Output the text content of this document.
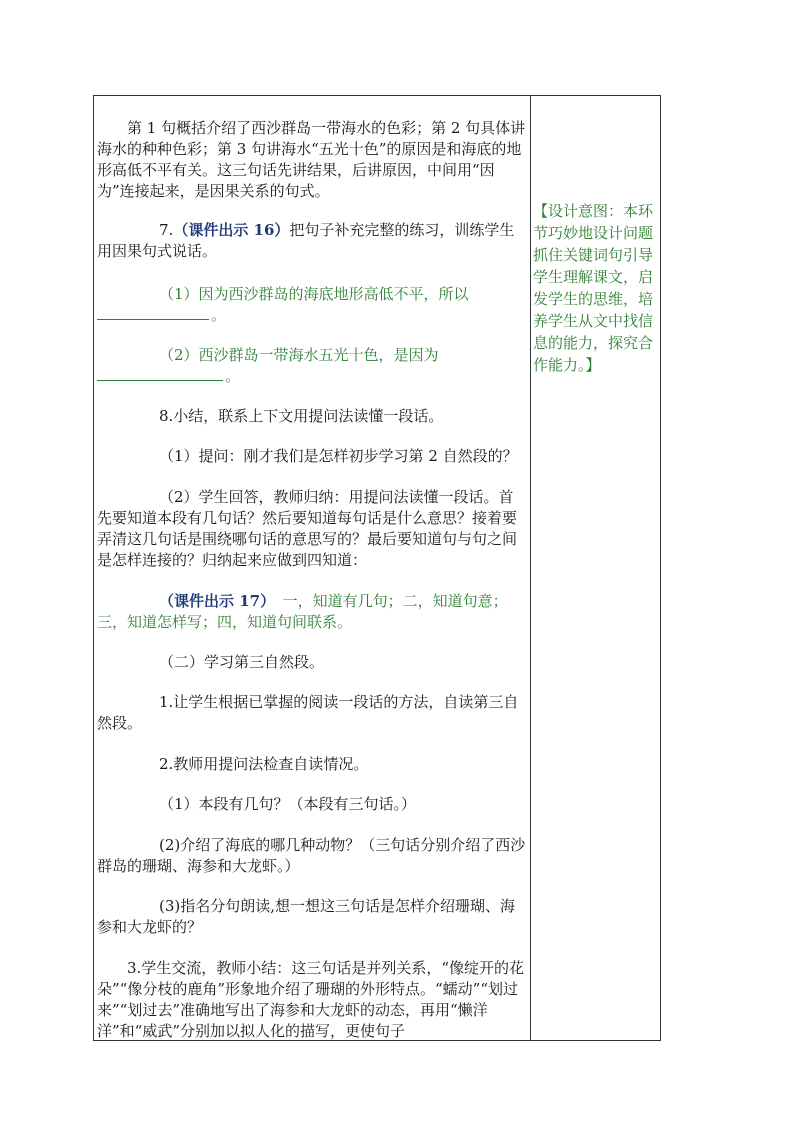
　　第 1 句概括介绍了西沙群岛一带海水的色彩；第 2 句具体讲海水的种种色彩；第 3 句讲海水“五光十色”的原因是和海底的地形高低不平有关。这三句话先讲结果，后讲原因，中间用“因为”连接起来，是因果关系的句式。

7.（课件出示 16）把句子补充完整的练习，训练学生用因果句式说话。

（1）因为西沙群岛的海底地形高低不平，所以
。

（2）西沙群岛一带海水五光十色，是因为
。

8.小结，联系上下文用提问法读懂一段话。

（1）提问：刚才我们是怎样初步学习第 2 自然段的？

（2）学生回答，教师归纳：用提问法读懂一段话。首先要知道本段有几句话？然后要知道每句话是什么意思？接着要弄清这几句话是围绕哪句话的意思写的？最后要知道句与句之间是怎样连接的？归纳起来应做到四知道：

（课件出示 17）　一，知道有几句；二，知道句意；三，知道怎样写；四，知道句间联系。

（二）学习第三自然段。

1.让学生根据已掌握的阅读一段话的方法，自读第三自然段。

2.教师用提问法检查自读情况。

（1）本段有几句？（本段有三句话。）

(2)介绍了海底的哪几种动物？（三句话分别介绍了西沙群岛的珊瑚、海参和大龙虾。）

(3)指名分句朗读,想一想这三句话是怎样介绍珊瑚、海参和大龙虾的？

3.学生交流，教师小结：这三句话是并列关系，“像绽开的花朵”“像分枝的鹿角”形象地介绍了珊瑚的外形特点。“蠕动”“划过来”“划过去”准确地写出了海参和大龙虾的动态，再用“懒洋洋”和“威武”分别加以拟人化的描写，更使句子

【设计意图：本环节巧妙地设计问题抓住关键词句引导学生理解课文，启发学生的思维，培养学生从文中找信息的能力，探究合作能力。】
